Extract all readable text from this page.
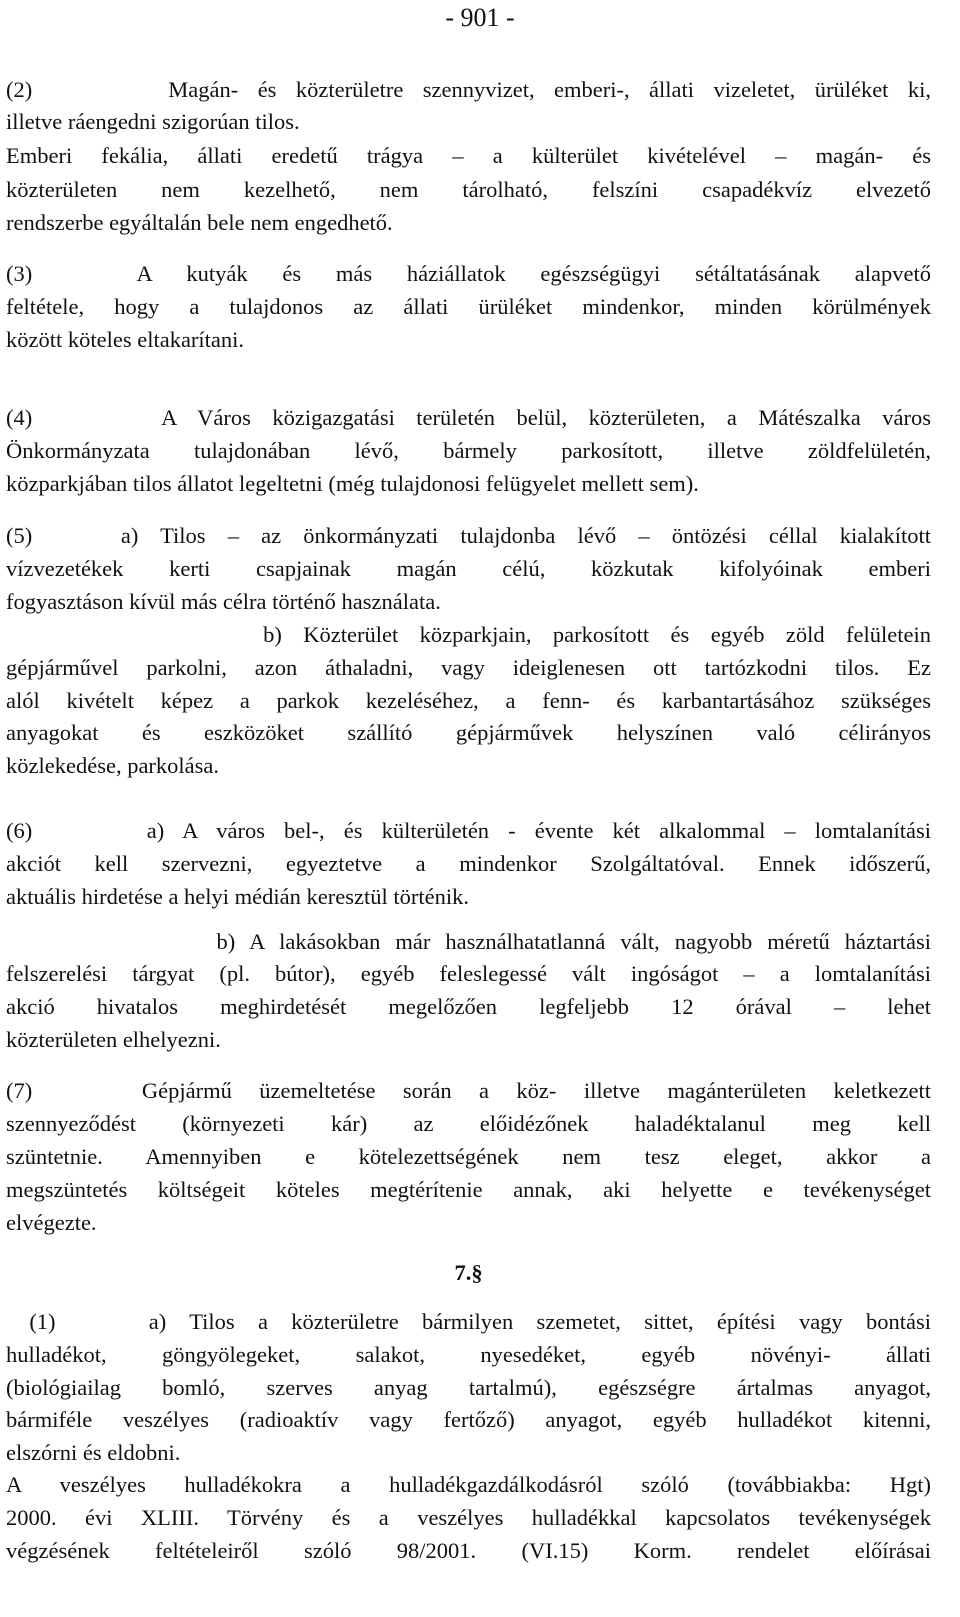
- 901 -
(2)       Magán- és közterületre szennyvizet, emberi-, állati vizeletet, ürüléket ki,
illetve ráengedni szigorúan tilos.
Emberi fekália, állati eredetű trágya – a külterület kivételével – magán- és
közterületen nem kezelhető, nem tárolható, felszíni csapadékvíz elvezető
rendszerbe egyáltalán bele nem engedhető.
(3)   A kutyák és más háziállatok egészségügyi sétáltatásának alapvető
feltétele, hogy a tulajdonos az állati ürüléket mindenkor, minden körülmények
között köteles eltakarítani.
(4)      A Város közigazgatási területén belül, közterületen, a Mátészalka város
Önkormányzata tulajdonában lévő, bármely parkosított, illetve zöldfelületén,
közparkjában tilos állatot legeltetni (még tulajdonosi felügyelet mellett sem).
(5)    a) Tilos – az önkormányzati tulajdonba lévő – öntözési céllal kialakított
vízvezetékek kerti csapjainak magán célú, közkutak kifolyóinak emberi
fogyasztáson kívül más célra történő használata.
b) Közterület közparkjain, parkosított és egyéb zöld felületein
gépjárművel parkolni, azon áthaladni, vagy ideiglenesen ott tartózkodni tilos. Ez
alól kivételt képez a parkok kezeléséhez, a fenn- és karbantartásához szükséges
anyagokat és eszközöket szállító gépjárművek helyszínen való célirányos
közlekedése, parkolása.
(6)      a) A város bel-, és külterületén - évente két alkalommal – lomtalanítási
akciót kell szervezni, egyeztetve a mindenkor Szolgáltatóval. Ennek időszerű,
aktuális hirdetése a helyi médián keresztül történik.
b) A lakásokban már használhatatlanná vált, nagyobb méretű háztartási
felszerelési tárgyat (pl. bútor), egyéb feleslegessé vált ingóságot – a lomtalanítási
akció hivatalos meghirdetését megelőzően legfeljebb 12 órával – lehet
közterületen elhelyezni.
(7)    Gépjármű üzemeltetése során a köz- illetve magánterületen keletkezett
szennyeződést (környezeti kár) az előidézőnek haladéktalanul meg kell
szüntetnie. Amennyiben e kötelezettségének nem tesz eleget, akkor a
megszüntetés költségeit köteles megtérítenie annak, aki helyette e tevékenységet
elvégezte.
7.§
(1)    a) Tilos a közterületre bármilyen szemetet, sittet, építési vagy bontási
hulladékot, göngyölegeket, salakot, nyesedéket, egyéb növényi- állati
(biológiailag bomló, szerves anyag tartalmú), egészségre ártalmas anyagot,
bármiféle veszélyes (radioaktív vagy fertőző) anyagot, egyéb hulladékot kitenni,
elszórni és eldobni.
A veszélyes hulladékokra a hulladékgazdálkodásról szóló (továbbiakba: Hgt)
2000. évi XLIII. Törvény és a veszélyes hulladékkal kapcsolatos tevékenységek
végzésének feltételeiről szóló 98/2001. (VI.15) Korm. rendelet előírásai
